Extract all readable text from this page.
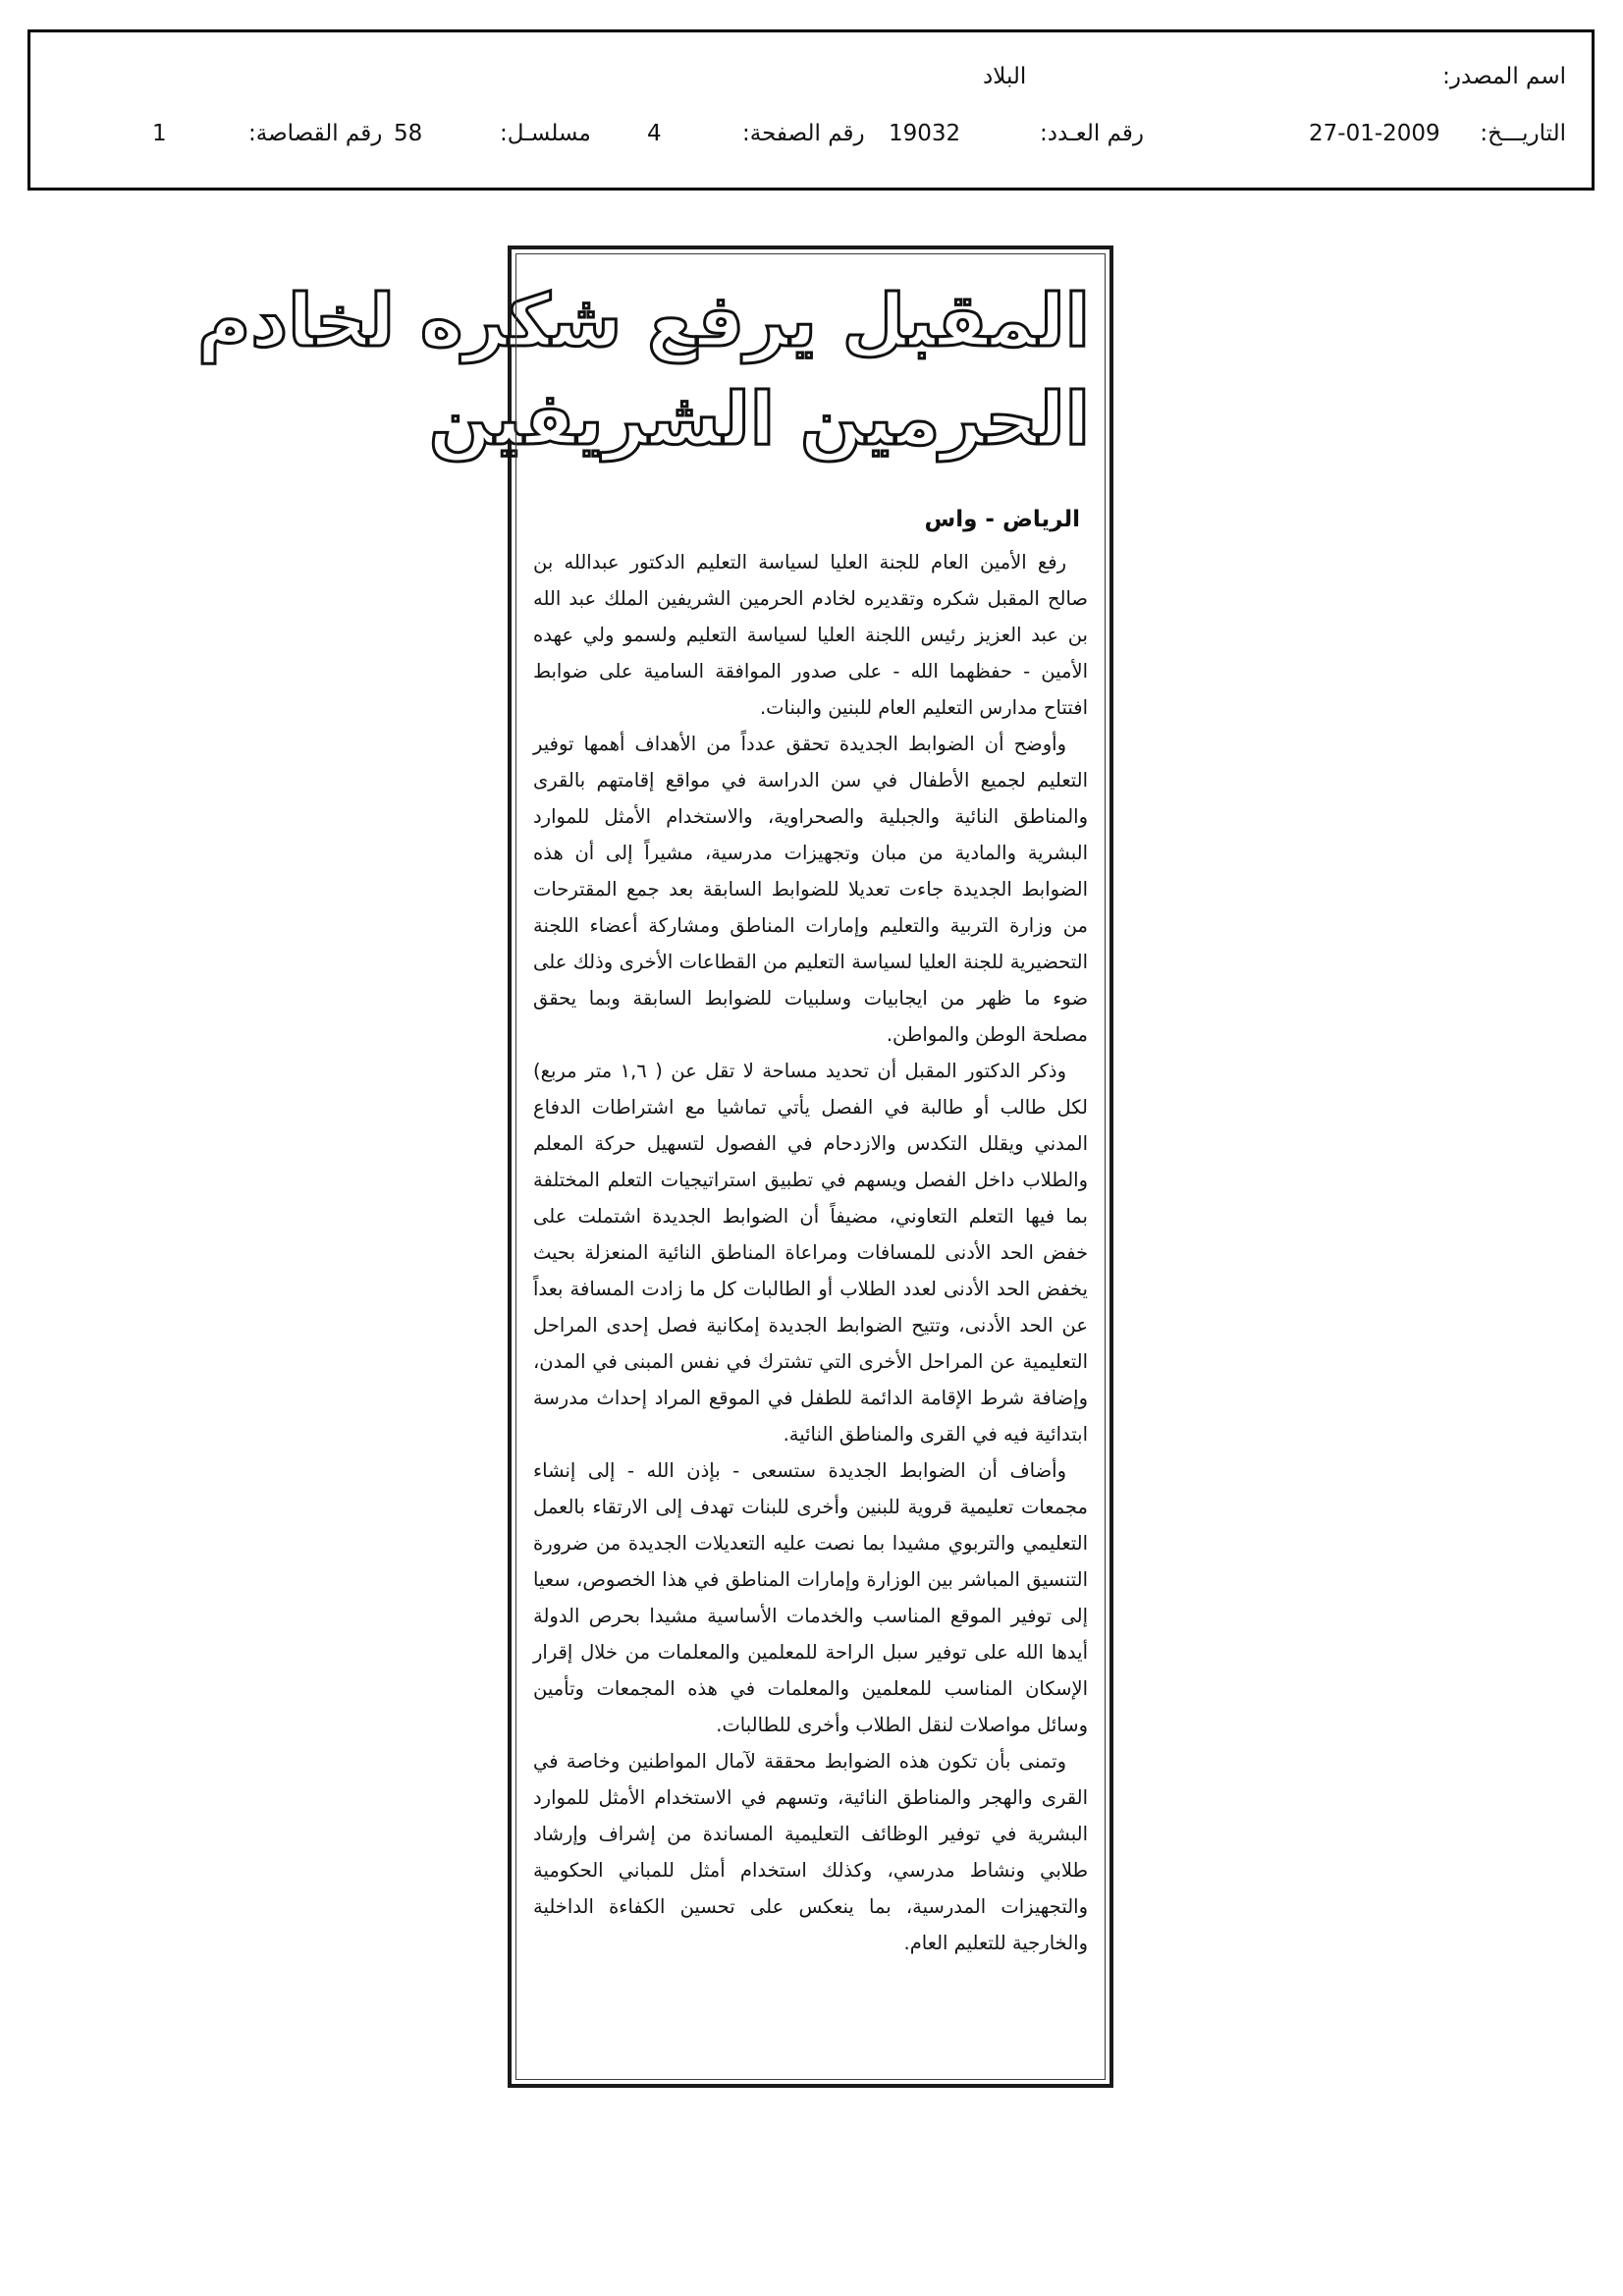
اسم المصدر:
البلاد
التاريـــخ:
27-01-2009
رقم العـدد:
19032
رقم الصفحة:
4
مسلسـل:
58
رقم القصاصة:
1
المقبل يرفع شكره لخادم
الحرمين الشريفين
الرياض - واس

رفع الأمين العام للجنة العليا لسياسة التعليم الدكتور عبدالله بن صالح المقبل شكره وتقديره لخادم الحرمين الشريفين الملك عبد الله بن عبد العزيز رئيس اللجنة العليا لسياسة التعليم ولسمو ولي عهده الأمين - حفظهما الله - على صدور الموافقة السامية على ضوابط افتتاح مدارس التعليم العام للبنين والبنات.

وأوضح أن الضوابط الجديدة تحقق عدداً من الأهداف أهمها توفير التعليم لجميع الأطفال في سن الدراسة في مواقع إقامتهم بالقرى والمناطق النائية والجبلية والصحراوية، والاستخدام الأمثل للموارد البشرية والمادية من مبان وتجهيزات مدرسية، مشيراً إلى أن هذه الضوابط الجديدة جاءت تعديلا للضوابط السابقة بعد جمع المقترحات من وزارة التربية والتعليم وإمارات المناطق ومشاركة أعضاء اللجنة التحضيرية للجنة العليا لسياسة التعليم من القطاعات الأخرى وذلك على ضوء ما ظهر من ايجابيات وسلبيات للضوابط السابقة وبما يحقق مصلحة الوطن والمواطن.

وذكر الدكتور المقبل أن تحديد مساحة لا تقل عن ( ١,٦ متر مربع) لكل طالب أو طالبة في الفصل يأتي تماشيا مع اشتراطات الدفاع المدني ويقلل التكدس والازدحام في الفصول لتسهيل حركة المعلم والطلاب داخل الفصل ويسهم في تطبيق استراتيجيات التعلم المختلفة بما فيها التعلم التعاوني، مضيفاً أن الضوابط الجديدة اشتملت على خفض الحد الأدنى للمسافات ومراعاة المناطق النائية المنعزلة بحيث يخفض الحد الأدنى لعدد الطلاب أو الطالبات كل ما زادت المسافة بعداً عن الحد الأدنى، وتتيح الضوابط الجديدة إمكانية فصل إحدى المراحل التعليمية عن المراحل الأخرى التي تشترك في نفس المبنى في المدن، وإضافة شرط الإقامة الدائمة للطفل في الموقع المراد إحداث مدرسة ابتدائية فيه في القرى والمناطق النائية.

وأضاف أن الضوابط الجديدة ستسعى - بإذن الله - إلى إنشاء مجمعات تعليمية قروية للبنين وأخرى للبنات تهدف إلى الارتقاء بالعمل التعليمي والتربوي مشيدا بما نصت عليه التعديلات الجديدة من ضرورة التنسيق المباشر بين الوزارة وإمارات المناطق في هذا الخصوص، سعيا إلى توفير الموقع المناسب والخدمات الأساسية مشيدا بحرص الدولة أيدها الله على توفير سبل الراحة للمعلمين والمعلمات من خلال إقرار الإسكان المناسب للمعلمين والمعلمات في هذه المجمعات وتأمين وسائل مواصلات لنقل الطلاب وأخرى للطالبات.

وتمنى بأن تكون هذه الضوابط محققة لآمال المواطنين وخاصة في القرى والهجر والمناطق النائية، وتسهم في الاستخدام الأمثل للموارد البشرية في توفير الوظائف التعليمية المساندة من إشراف وإرشاد طلابي ونشاط مدرسي، وكذلك استخدام أمثل للمباني الحكومية والتجهيزات المدرسية، بما ينعكس على تحسين الكفاءة الداخلية والخارجية للتعليم العام.
